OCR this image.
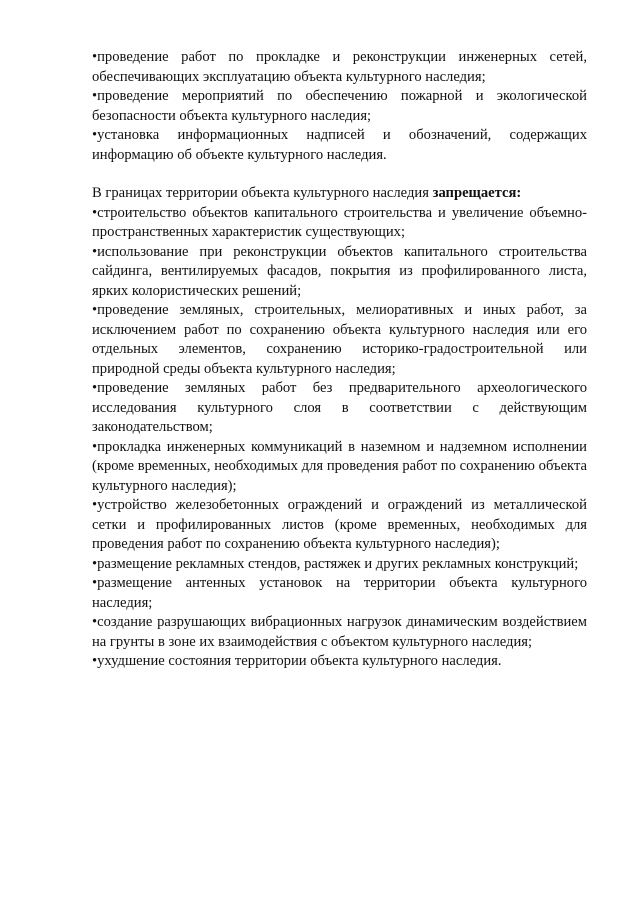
•проведение работ по прокладке и реконструкции инженерных сетей, обеспечивающих эксплуатацию объекта культурного наследия;

•проведение мероприятий по обеспечению пожарной и экологической безопасности объекта культурного наследия;

•установка информационных надписей и обозначений, содержащих информацию об объекте культурного наследия.

В границах территории объекта культурного наследия запрещается:

•строительство объектов капитального строительства и увеличение объемно-пространственных характеристик существующих;

•использование при реконструкции объектов капитального строительства сайдинга, вентилируемых фасадов, покрытия из профилированного листа, ярких колористических решений;

•проведение земляных, строительных, мелиоративных и иных работ, за исключением работ по сохранению объекта культурного наследия или его отдельных элементов, сохранению историко-градостроительной или природной среды объекта культурного наследия;

•проведение земляных работ без предварительного археологического исследования культурного слоя в соответствии с действующим законодательством;

•прокладка инженерных коммуникаций в наземном и надземном исполнении (кроме временных, необходимых для проведения работ по сохранению объекта культурного наследия);

•устройство железобетонных ограждений и ограждений из металлической сетки и профилированных листов (кроме временных, необходимых для проведения работ по сохранению объекта культурного наследия);

•размещение рекламных стендов, растяжек и других рекламных конструкций;

•размещение антенных установок на территории объекта культурного наследия;

•создание разрушающих вибрационных нагрузок динамическим воздействием на грунты в зоне их взаимодействия с объектом культурного наследия;

•ухудшение состояния территории объекта культурного наследия.
